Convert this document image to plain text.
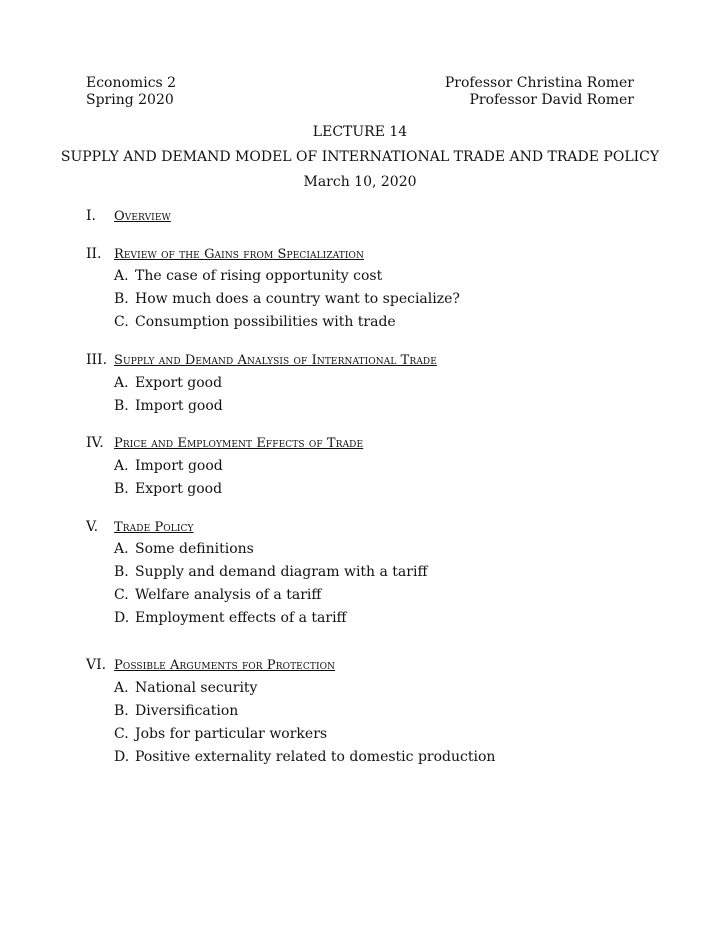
Economics 2
Spring 2020
Professor Christina Romer
Professor David Romer
LECTURE 14
SUPPLY AND DEMAND MODEL OF INTERNATIONAL TRADE AND TRADE POLICY
March 10, 2020
I. Overview
II. Review of the Gains from Specialization
A. The case of rising opportunity cost
B. How much does a country want to specialize?
C. Consumption possibilities with trade
III. Supply and Demand Analysis of International Trade
A. Export good
B. Import good
IV. Price and Employment Effects of Trade
A. Import good
B. Export good
V. Trade Policy
A. Some definitions
B. Supply and demand diagram with a tariff
C. Welfare analysis of a tariff
D. Employment effects of a tariff
VI. Possible Arguments for Protection
A. National security
B. Diversification
C. Jobs for particular workers
D. Positive externality related to domestic production
